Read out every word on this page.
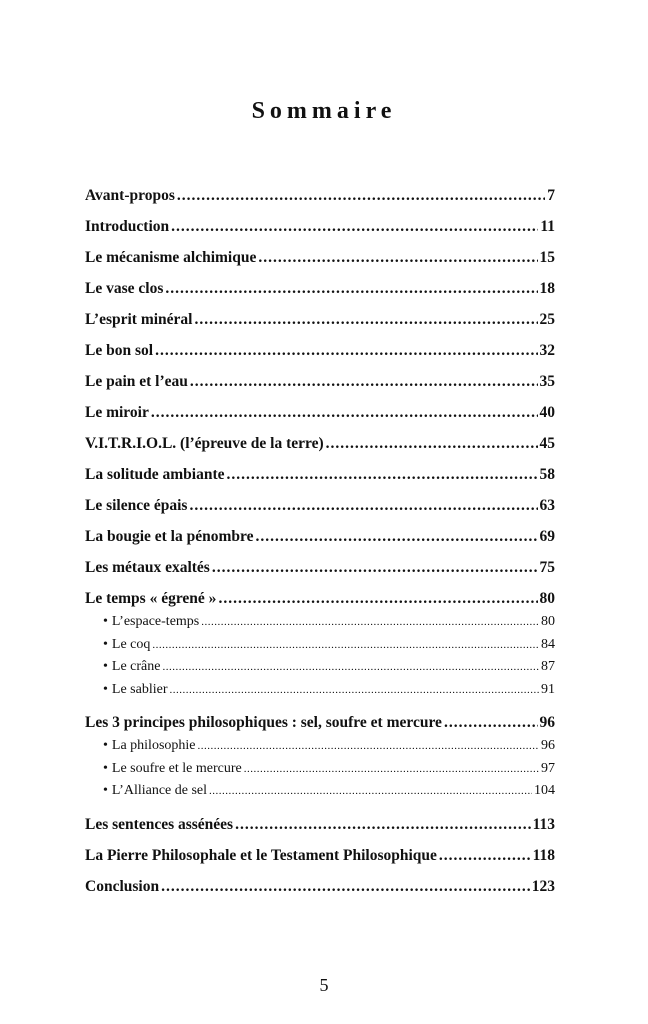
Sommaire
Avant-propos .....	7
Introduction .....	11
Le mécanisme alchimique .....	15
Le vase clos .....	18
L’esprit minéral .....	25
Le bon sol .....	32
Le pain et l’eau .....	35
Le miroir .....	40
V.I.T.R.I.O.L. (l’épreuve de la terre) .....	45
La solitude ambiante .....	58
Le silence épais .....	63
La bougie et la pénombre .....	69
Les métaux exaltés .....	75
Le temps « égrené » .....	80
• L’espace-temps .....	80
• Le coq .....	84
• Le crâne .....	87
• Le sablier .....	91
Les 3 principes philosophiques : sel, soufre et mercure .....	96
• La philosophie .....	96
• Le soufre et le mercure .....	97
• L’Alliance de sel .....	104
Les sentences assénées .....	113
La Pierre Philosophale et le Testament Philosophique .....	118
Conclusion .....	123
5
